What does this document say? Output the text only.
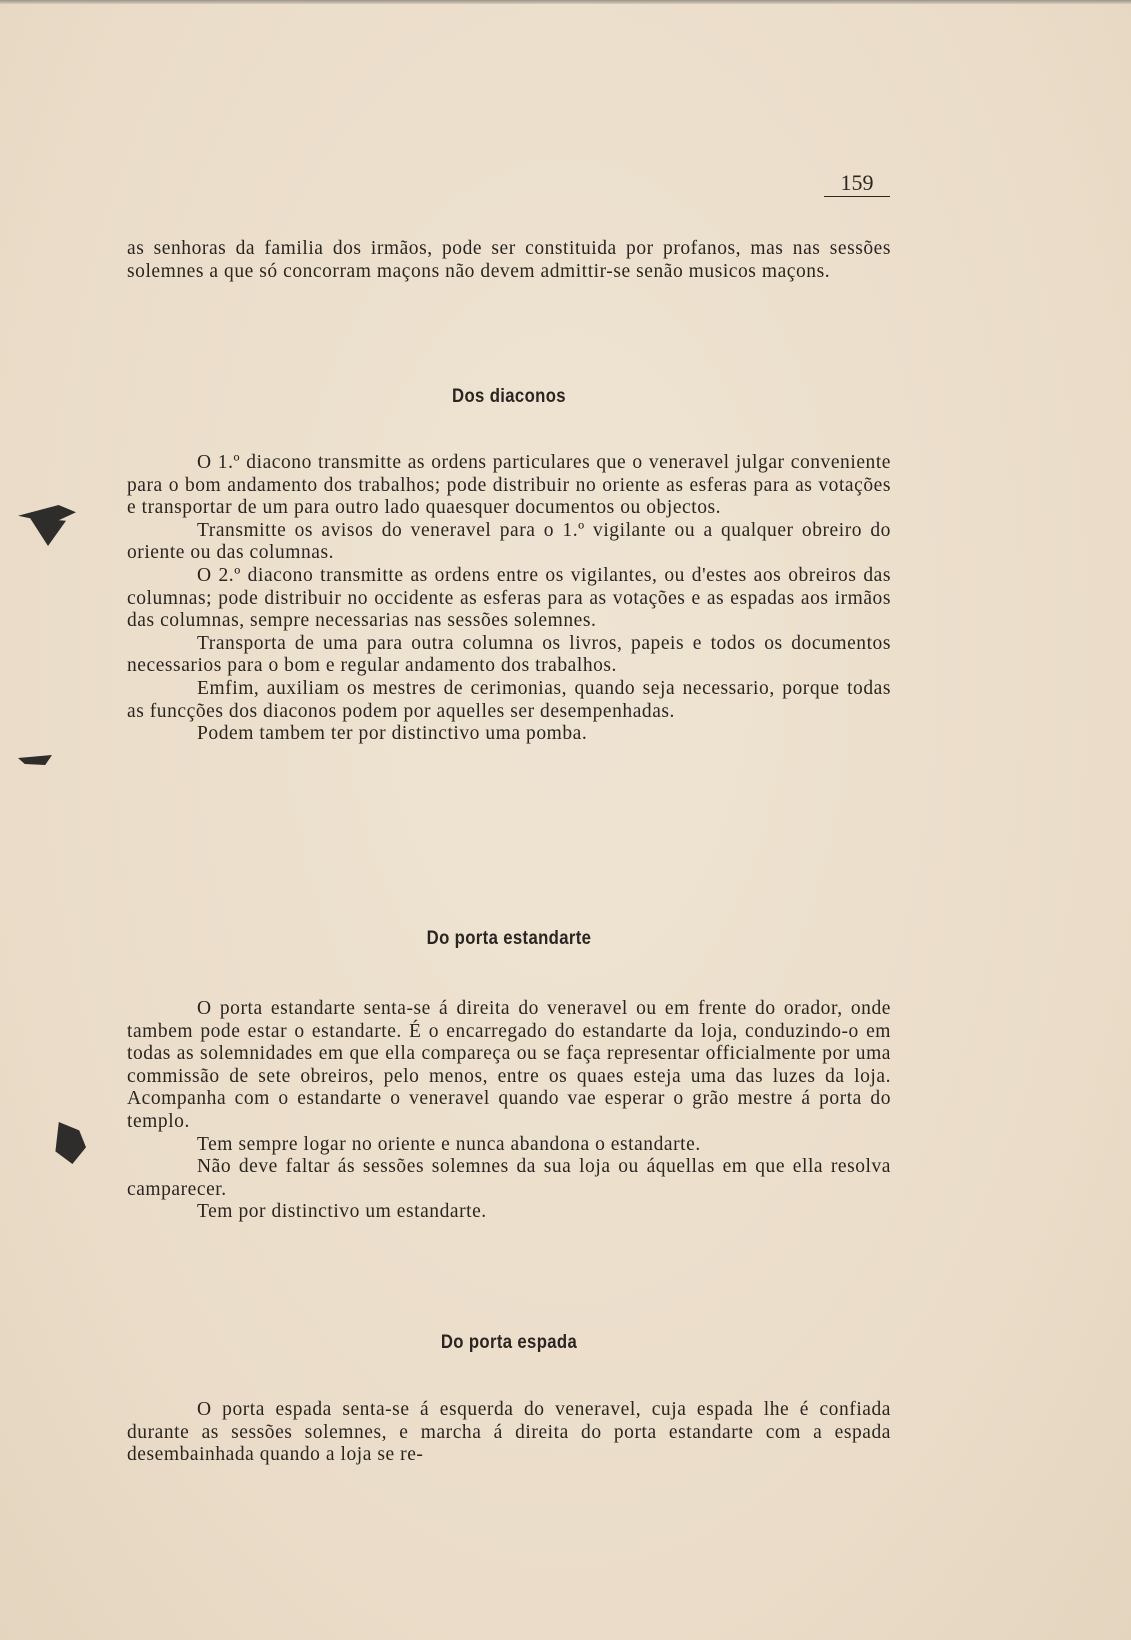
159

as senhoras da familia dos irmãos, pode ser constituida por profanos, mas nas sessões solemnes a que só concorram maçons não devem admittir-se senão musicos maçons.

Dos diaconos

O 1.º diacono transmitte as ordens particulares que o veneravel julgar conveniente para o bom andamento dos trabalhos; pode distribuir no oriente as esferas para as votações e transportar de um para outro lado quaesquer documentos ou objectos.

Transmitte os avisos do veneravel para o 1.º vigilante ou a qualquer obreiro do oriente ou das columnas.

O 2.º diacono transmitte as ordens entre os vigilantes, ou d'estes aos obreiros das columnas; pode distribuir no occidente as esferas para as votações e as espadas aos irmãos das columnas, sempre necessarias nas sessões solemnes.

Transporta de uma para outra columna os livros, papeis e todos os documentos necessarios para o bom e regular andamento dos trabalhos.

Emfim, auxiliam os mestres de cerimonias, quando seja necessario, porque todas as funcções dos diaconos podem por aquelles ser desempenhadas.

Podem tambem ter por distinctivo uma pomba.

Do porta estandarte

O porta estandarte senta-se á direita do veneravel ou em frente do orador, onde tambem pode estar o estandarte. É o encarregado do estandarte da loja, conduzindo-o em todas as solemnidades em que ella compareça ou se faça representar officialmente por uma commissão de sete obreiros, pelo menos, entre os quaes esteja uma das luzes da loja. Acompanha com o estandarte o veneravel quando vae esperar o grão mestre á porta do templo.

Tem sempre logar no oriente e nunca abandona o estandarte.

Não deve faltar ás sessões solemnes da sua loja ou áquellas em que ella resolva camparecer.

Tem por distinctivo um estandarte.

Do porta espada

O porta espada senta-se á esquerda do veneravel, cuja espada lhe é confiada durante as sessões solemnes, e marcha á direita do porta estandarte com a espada desembainhada quando a loja se re-
